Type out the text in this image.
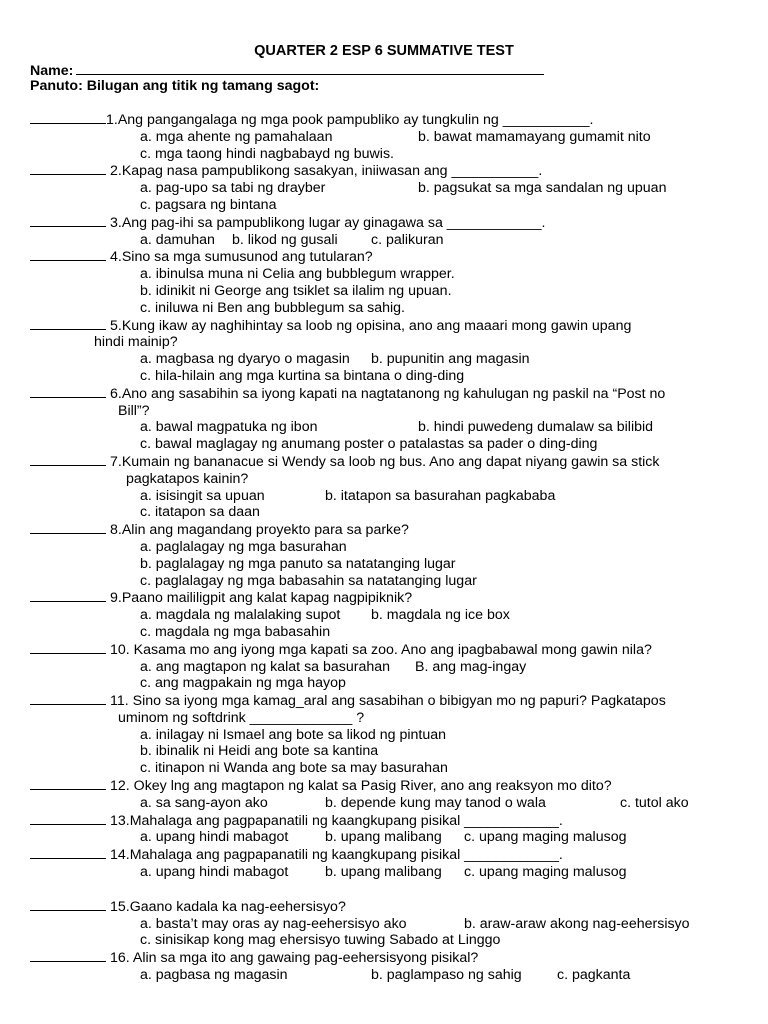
QUARTER 2 ESP 6 SUMMATIVE TEST
Name:
Panuto: Bilugan ang titik ng tamang sagot:
1.Ang pangangalaga ng mga pook pampubliko ay tungkulin ng ___________.
a. mga ahente ng pamahalaan	b. bawat mamamayang gumamit nito
c. mga taong hindi nagbabayd ng buwis.
2.Kapag nasa pampublikong sasakyan, iniiwasan ang ___________.
a. pag-upo sa tabi ng drayber	b. pagsukat sa mga sandalan ng upuan
c. pagsara ng bintana
3.Ang pag-ihi sa pampublikong lugar ay ginagawa sa ____________.
a. damuhan b. likod ng gusali c. palikuran
4.Sino sa mga sumusunod ang tutularan?
a. ibinulsa muna ni Celia ang bubblegum wrapper.
b. idinikit ni George ang tsiklet sa ilalim ng upuan.
c. iniluwa ni Ben ang bubblegum sa sahig.
5.Kung ikaw ay naghihintay sa loob ng opisina, ano ang maaari mong gawin upang
hindi mainip?
a. magbasa ng dyaryo o magasin b. pupunitin ang magasin
c. hila-hilain ang mga kurtina sa bintana o ding-ding
6.Ano ang sasabihin sa iyong kapati na nagtatanong ng kahulugan ng paskil na “Post no
Bill”?
a. bawal magpatuka ng ibon	b. hindi puwedeng dumalaw sa bilibid
c. bawal maglagay ng anumang poster o patalastas sa pader o ding-ding
7.Kumain ng bananacue si Wendy sa loob ng bus. Ano ang dapat niyang gawin sa stick
pagkatapos kainin?
a. isisingit sa upuan	b. itatapon sa basurahan pagkababa
c. itatapon sa daan
8.Alin ang magandang proyekto para sa parke?
a. paglalagay ng mga basurahan
b. paglalagay ng mga panuto sa natatanging lugar
c. paglalagay ng mga babasahin sa natatanging lugar
9.Paano maililigpit ang kalat kapag nagpipiknik?
a. magdala ng malalaking supot b. magdala ng ice box
c. magdala ng mga babasahin
10. Kasama mo ang iyong mga kapati sa zoo. Ano ang ipagbabawal mong gawin nila?
a. ang magtapon ng kalat sa basurahan B. ang mag-ingay
c. ang magpakain ng mga hayop
11. Sino sa iyong mga kamag_aral ang sasabihan o bibigyan mo ng papuri? Pagkatapos
uminom ng softdrink _____________ ?
a. inilagay ni Ismael ang bote sa likod ng pintuan
b. ibinalik ni Heidi ang bote sa kantina
c. itinapon ni Wanda ang bote sa may basurahan
12. Okey lng ang magtapon ng kalat sa Pasig River, ano ang reaksyon mo dito?
a. sa sang-ayon ako	b. depende kung may tanod o wala	c. tutol ako
13.Mahalaga ang pagpapanatili ng kaangkupang pisikal ____________.
a. upang hindi mabagot	b. upang malibang c. upang maging malusog
14.Mahalaga ang pagpapanatili ng kaangkupang pisikal ____________.
a. upang hindi mabagot	b. upang malibang c. upang maging malusog
15.Gaano kadala ka nag-eehersisyo?
a. basta’t may oras ay nag-eehersisyo ako	b. araw-araw akong nag-eehersisyo
c. sinisikap kong mag ehersisyo tuwing Sabado at Linggo
16. Alin sa mga ito ang gawaing pag-eehersisyong pisikal?
a. pagbasa ng magasin	b. paglampaso ng sahig c. pagkanta
